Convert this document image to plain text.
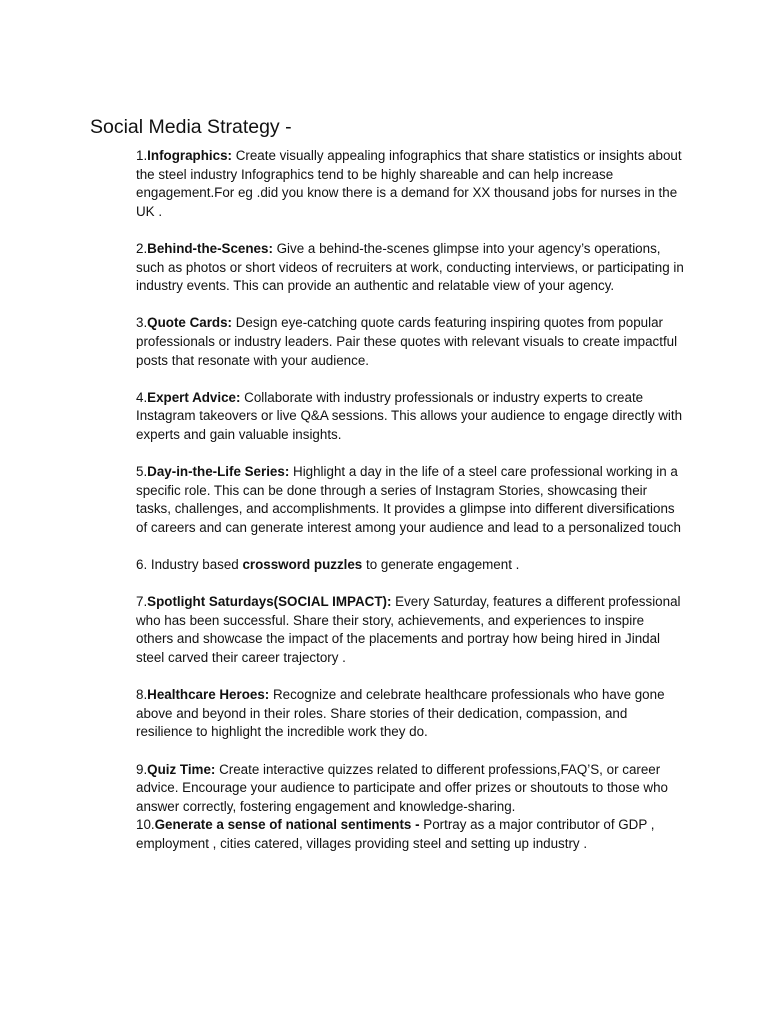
Social Media Strategy -

1.Infographics: Create visually appealing infographics that share statistics or insights about the steel industry Infographics tend to be highly shareable and can help increase engagement.For eg .did you know there is a demand for XX thousand jobs for nurses in the UK .

2.Behind-the-Scenes: Give a behind-the-scenes glimpse into your agency’s operations, such as photos or short videos of recruiters at work, conducting interviews, or participating in industry events. This can provide an authentic and relatable view of your agency.

3.Quote Cards: Design eye-catching quote cards featuring inspiring quotes from popular professionals or industry leaders. Pair these quotes with relevant visuals to create impactful posts that resonate with your audience.

4.Expert Advice: Collaborate with industry professionals or industry experts to create Instagram takeovers or live Q&A sessions. This allows your audience to engage directly with experts and gain valuable insights.

5.Day-in-the-Life Series: Highlight a day in the life of a steel care professional working in a specific role. This can be done through a series of Instagram Stories, showcasing their tasks, challenges, and accomplishments. It provides a glimpse into different diversifications of careers and can generate interest among your audience and lead to a personalized touch

6. Industry based crossword puzzles to generate engagement .

7.Spotlight Saturdays(SOCIAL IMPACT): Every Saturday, features a different professional who has been successful. Share their story, achievements, and experiences to inspire others and showcase the impact of the placements and portray how being hired in Jindal steel carved their career trajectory .

8.Healthcare Heroes: Recognize and celebrate healthcare professionals who have gone above and beyond in their roles. Share stories of their dedication, compassion, and resilience to highlight the incredible work they do.

9.Quiz Time: Create interactive quizzes related to different professions,FAQ’S, or career advice. Encourage your audience to participate and offer prizes or shoutouts to those who answer correctly, fostering engagement and knowledge-sharing.

10.Generate a sense of national sentiments - Portray as a major contributor of GDP , employment , cities catered, villages providing steel and setting up industry .
